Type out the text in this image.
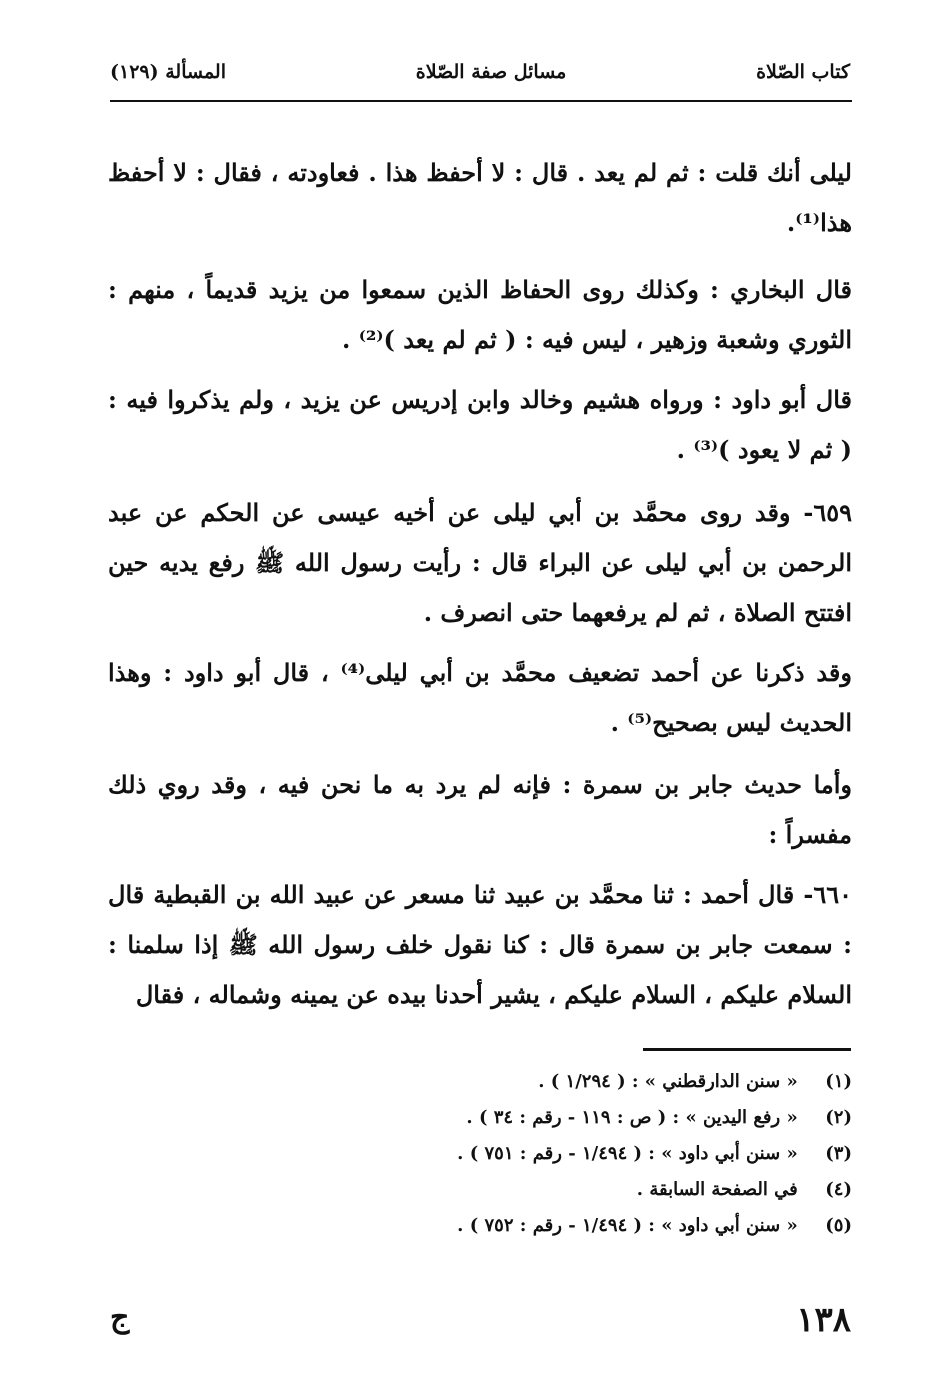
كتاب الصّلاة
مسائل صفة الصّلاة
المسألة (١٢٩)

ليلى أنك قلت : ثم لم يعد . قال : لا أحفظ هذا . فعاودته ، فقال : لا أحفظ هذا⁽¹⁾.

قال البخاري : وكذلك روى الحفاظ الذين سمعوا من يزيد قديماً ، منهم : الثوري وشعبة وزهير ، ليس فيه : ( ثم لم يعد )⁽²⁾ .

قال أبو داود : ورواه هشيم وخالد وابن إدريس عن يزيد ، ولم يذكروا فيه : ( ثم لا يعود )⁽³⁾ .

٦٥٩- وقد روى محمَّد بن أبي ليلى عن أخيه عيسى عن الحكم عن عبد الرحمن بن أبي ليلى عن البراء قال : رأيت رسول الله ﷺ رفع يديه حين افتتح الصلاة ، ثم لم يرفعهما حتى انصرف .

وقد ذكرنا عن أحمد تضعيف محمَّد بن أبي ليلى⁽⁴⁾ ، قال أبو داود : وهذا الحديث ليس بصحيح⁽⁵⁾ .

وأما حديث جابر بن سمرة : فإنه لم يرد به ما نحن فيه ، وقد روي ذلك مفسراً :

٦٦٠- قال أحمد : ثنا محمَّد بن عبيد ثنا مسعر عن عبيد الله بن القبطية قال : سمعت جابر بن سمرة قال : كنا نقول خلف رسول الله ﷺ إذا سلمنا : السلام عليكم ، السلام عليكم ، يشير أحدنا بيده عن يمينه وشماله ، فقال

(١) « سنن الدارقطني » : ( ١/٢٩٤ ) .
(٢) « رفع اليدين » : ( ص : ١١٩ - رقم : ٣٤ ) .
(٣) « سنن أبي داود » : ( ١/٤٩٤ - رقم : ٧٥١ ) .
(٤) في الصفحة السابقة .
(٥) « سنن أبي داود » : ( ١/٤٩٤ - رقم : ٧٥٢ ) .
١٣٨
ج
